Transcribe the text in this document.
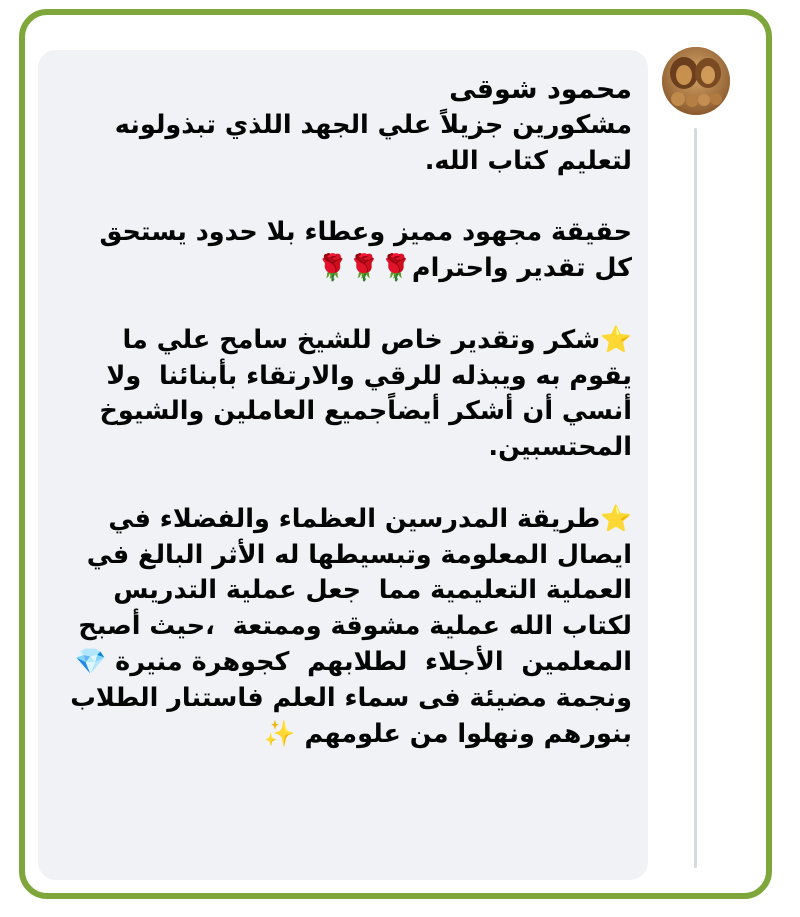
محمود شوقى

مشكورين جزيلاً علي الجهد اللذي تبذولونه لتعليم كتاب الله.

حقيقة مجهود مميز وعطاء بلا حدود يستحق كل تقدير واحترام🌹🌹🌹

⭐شكر وتقدير خاص للشيخ سامح علي ما يقوم به ويبذله للرقي والارتقاء بأبنائنا  ولا أنسي أن أشكر أيضاًجميع العاملين والشيوخ المحتسبين.

⭐طريقة المدرسين العظماء والفضلاء في ايصال المعلومة وتبسيطها له الأثر البالغ في العملية التعليمية مما  جعل عملية التدريس لكتاب الله عملية مشوقة وممتعة  ،حيث أصبح المعلمين  الأجلاء  لطلابهم  كجوهرة منيرة 💎ونجمة مضيئة فى سماء العلم فاستنار الطلاب بنورهم ونهلوا من علومهم ✨
